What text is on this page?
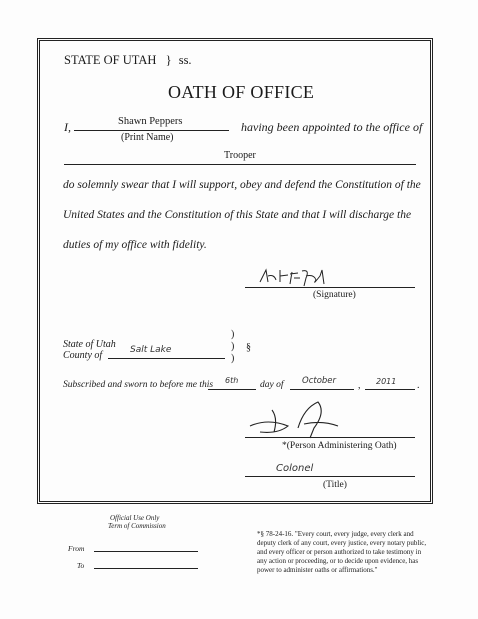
STATE OF UTAH } ss.
OATH OF OFFICE
I,	Shawn Peppers
(Print Name)
having been appointed to the office of
Trooper
do solemnly swear that I will support, obey and defend the Constitution of the
United States and the Constitution of this State and that I will discharge the
duties of my office with fidelity.
(Signature)
State of Utah
County of	Salt Lake
)
)
)
§
Subscribed and sworn to before me this 6th day of October , 2011 .
*(Person Administering Oath)
Colonel
(Title)
Official Use Only
Term of Commission
From
To
*§ 78-24-16. "Every court, every judge, every clerk and
deputy clerk of any court, every justice, every notary public,
and every officer or person authorized to take testimony in
any action or proceeding, or to decide upon evidence, has
power to administer oaths or affirmations."
